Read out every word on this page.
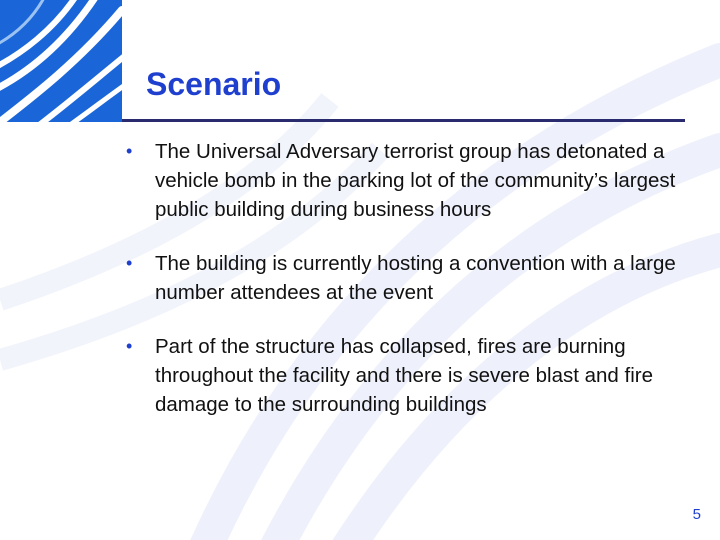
Scenario
• The Universal Adversary terrorist group has detonated a vehicle bomb in the parking lot of the community’s largest public building during business hours
• The building is currently hosting a convention with a large number attendees at the event
• Part of the structure has collapsed, fires are burning throughout the facility and there is severe blast and fire damage to the surrounding buildings
5
